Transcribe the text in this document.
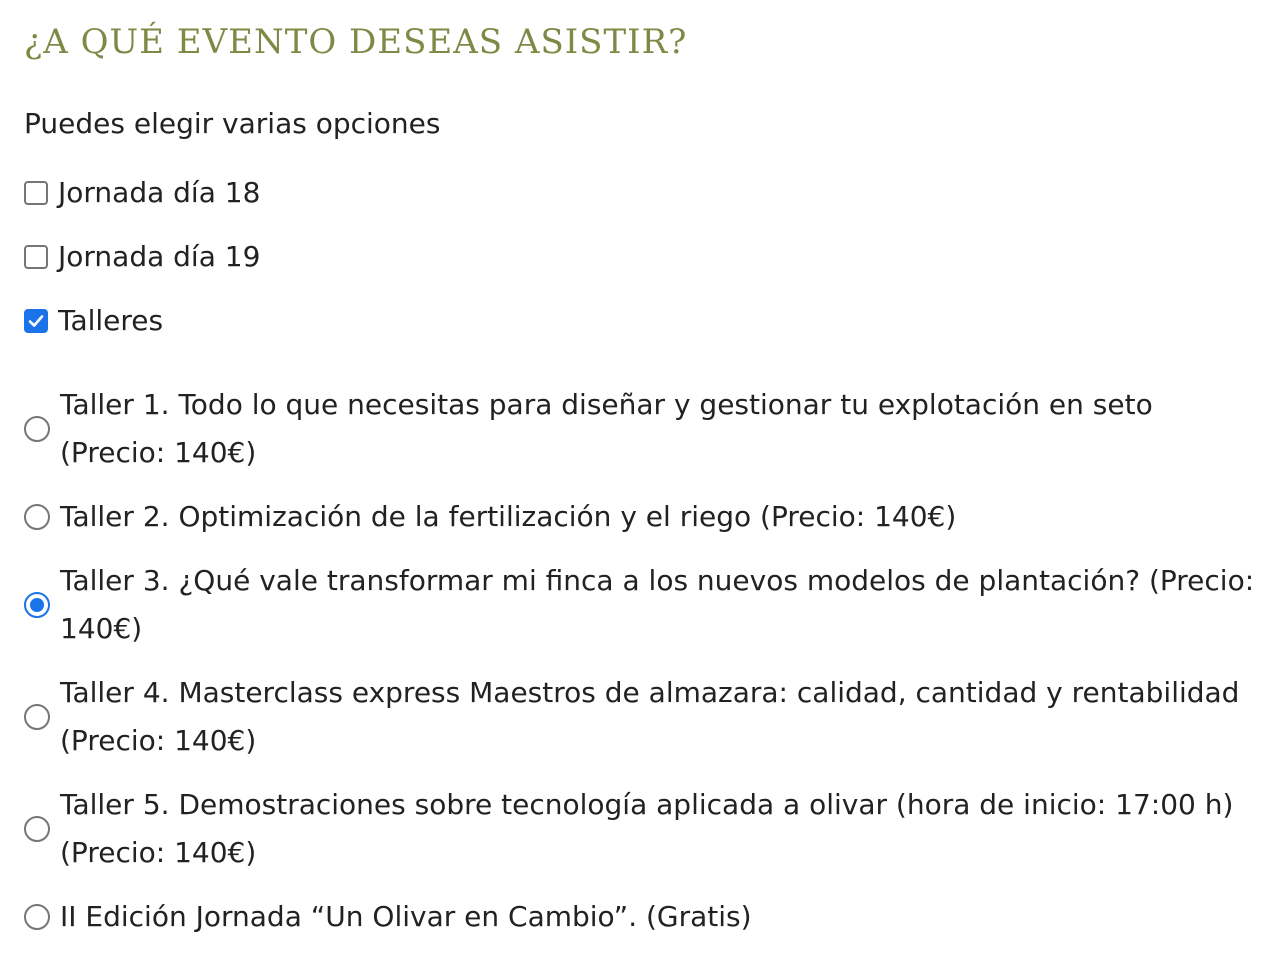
¿A QUÉ EVENTO DESEAS ASISTIR?
Puedes elegir varias opciones
Jornada día 18
Jornada día 19
Talleres
Taller 1. Todo lo que necesitas para diseñar y gestionar tu explotación en seto (Precio: 140€)
Taller 2. Optimización de la fertilización y el riego (Precio: 140€)
Taller 3. ¿Qué vale transformar mi finca a los nuevos modelos de plantación? (Precio: 140€)
Taller 4. Masterclass express Maestros de almazara: calidad, cantidad y rentabilidad (Precio: 140€)
Taller 5. Demostraciones sobre tecnología aplicada a olivar (hora de inicio: 17:00 h) (Precio: 140€)
II Edición Jornada “Un Olivar en Cambio”. (Gratis)
